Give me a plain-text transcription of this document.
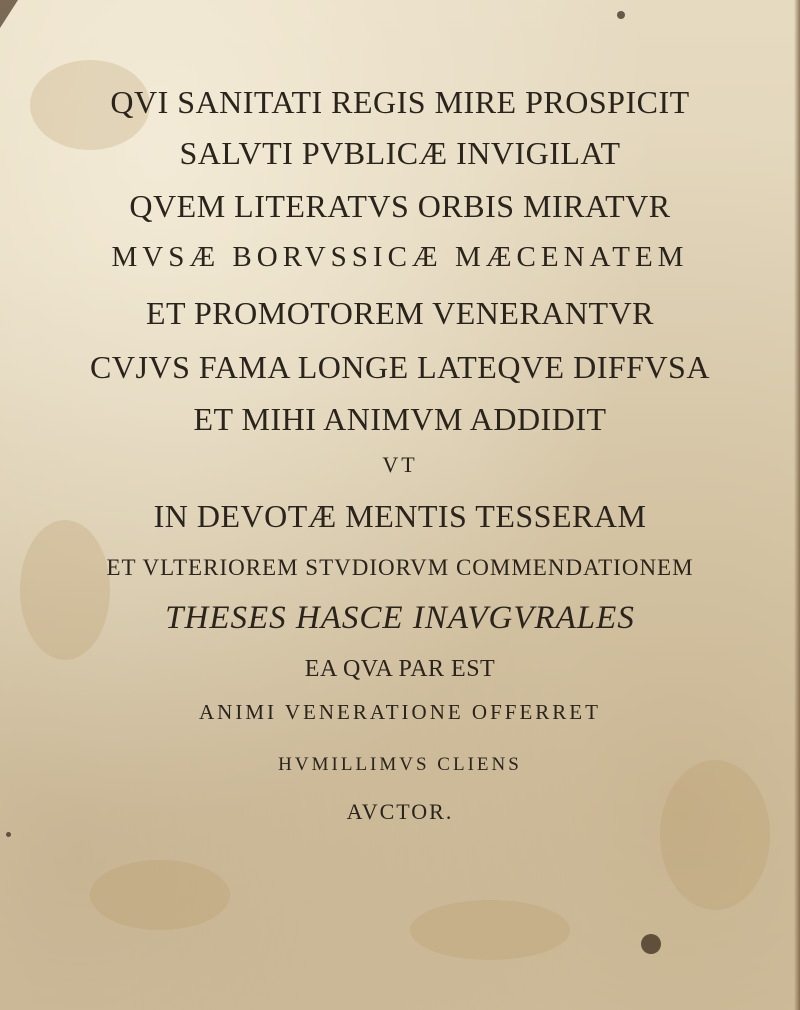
QVI SANITATI REGIS MIRE PROSPICIT
SALVTI PVBLICÆ INVIGILAT
QVEM LITERATVS ORBIS MIRATVR
MVSÆ BORVSSICÆ MÆCENATEM
ET PROMOTOREM VENERANTVR
CVJVS FAMA LONGE LATEQVE DIFFVSA
ET MIHI ANIMVM ADDIDIT
VT
IN DEVOTÆ MENTIS TESSERAM
ET VLTERIOREM STVDIORVM COMMENDATIONEM
THESES HASCE INAVGVRALES
EA QVA PAR EST
ANIMI VENERATIONE OFFERRET
HVMILLIMVS CLIENS
AVCTOR.
